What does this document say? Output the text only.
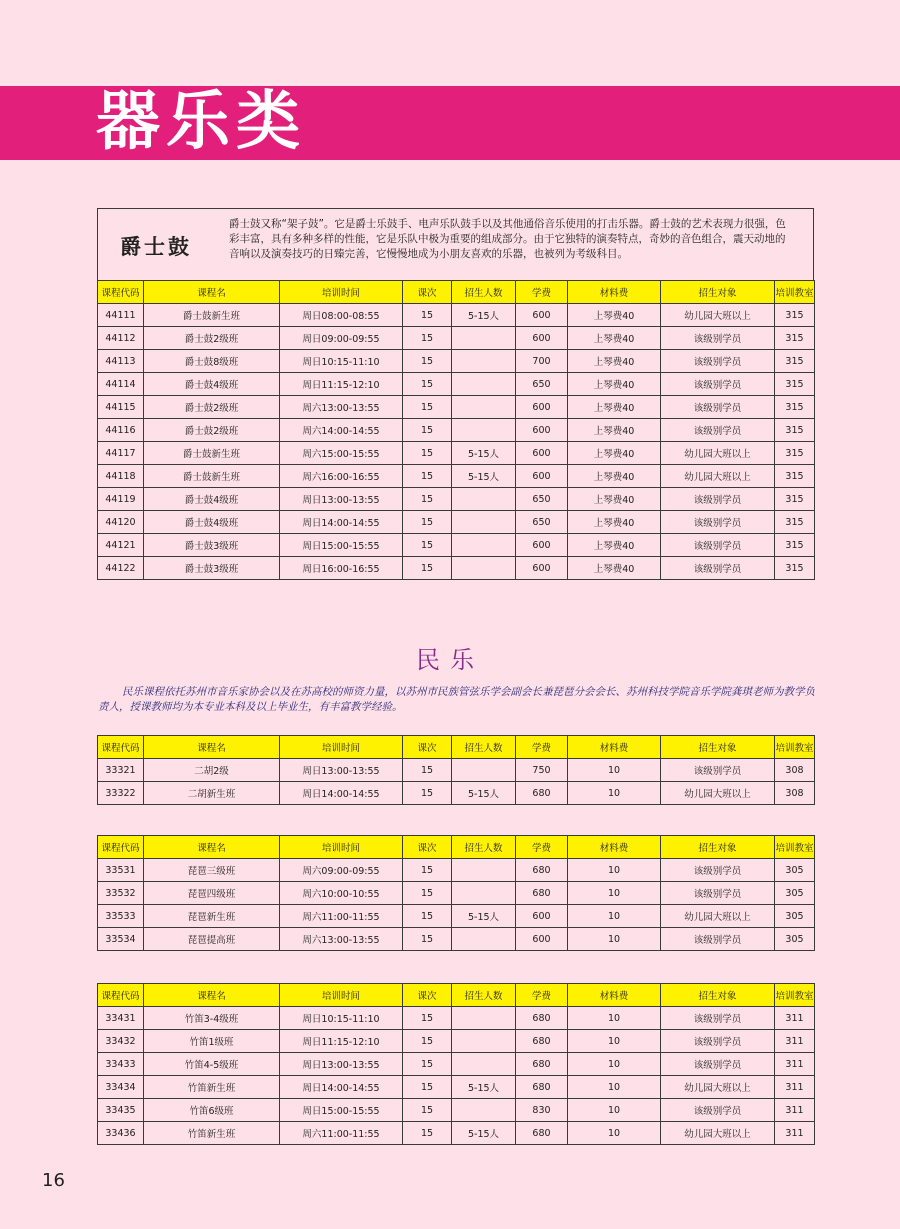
器乐类
爵士鼓
爵士鼓又称“架子鼓”。它是爵士乐鼓手、电声乐队鼓手以及其他通俗音乐使用的打击乐器。爵士鼓的艺术表现力很强，色彩丰富，具有多种多样的性能，它是乐队中极为重要的组成部分。由于它独特的演奏特点，奇妙的音色组合，震天动地的音响以及演奏技巧的日臻完善，它慢慢地成为小朋友喜欢的乐器，也被列为考级科目。
课程代码	课程名	培训时间	课次	招生人数	学费	材料费	招生对象	培训教室
44111	爵士鼓新生班	周日08:00-08:55	15	5-15人	600	上琴费40	幼儿园大班以上	315
44112	爵士鼓2级班	周日09:00-09:55	15		600	上琴费40	该级别学员	315
44113	爵士鼓8级班	周日10:15-11:10	15		700	上琴费40	该级别学员	315
44114	爵士鼓4级班	周日11:15-12:10	15		650	上琴费40	该级别学员	315
44115	爵士鼓2级班	周六13:00-13:55	15		600	上琴费40	该级别学员	315
44116	爵士鼓2级班	周六14:00-14:55	15		600	上琴费40	该级别学员	315
44117	爵士鼓新生班	周六15:00-15:55	15	5-15人	600	上琴费40	幼儿园大班以上	315
44118	爵士鼓新生班	周六16:00-16:55	15	5-15人	600	上琴费40	幼儿园大班以上	315
44119	爵士鼓4级班	周日13:00-13:55	15		650	上琴费40	该级别学员	315
44120	爵士鼓4级班	周日14:00-14:55	15		650	上琴费40	该级别学员	315
44121	爵士鼓3级班	周日15:00-15:55	15		600	上琴费40	该级别学员	315
44122	爵士鼓3级班	周日16:00-16:55	15		600	上琴费40	该级别学员	315
民乐
民乐课程依托苏州市音乐家协会以及在苏高校的师资力量，以苏州市民族管弦乐学会副会长兼琵琶分会会长、苏州科技学院音乐学院龚琪老师为教学负责人，授课教师均为本专业本科及以上毕业生，有丰富教学经验。
课程代码	课程名	培训时间	课次	招生人数	学费	材料费	招生对象	培训教室
33321	二胡2级	周日13:00-13:55	15		750	10	该级别学员	308
33322	二胡新生班	周日14:00-14:55	15	5-15人	680	10	幼儿园大班以上	308
课程代码	课程名	培训时间	课次	招生人数	学费	材料费	招生对象	培训教室
33531	琵琶三级班	周六09:00-09:55	15		680	10	该级别学员	305
33532	琵琶四级班	周六10:00-10:55	15		680	10	该级别学员	305
33533	琵琶新生班	周六11:00-11:55	15	5-15人	600	10	幼儿园大班以上	305
33534	琵琶提高班	周六13:00-13:55	15		600	10	该级别学员	305
课程代码	课程名	培训时间	课次	招生人数	学费	材料费	招生对象	培训教室
33431	竹笛3-4级班	周日10:15-11:10	15		680	10	该级别学员	311
33432	竹笛1级班	周日11:15-12:10	15		680	10	该级别学员	311
33433	竹笛4-5级班	周日13:00-13:55	15		680	10	该级别学员	311
33434	竹笛新生班	周日14:00-14:55	15	5-15人	680	10	幼儿园大班以上	311
33435	竹笛6级班	周日15:00-15:55	15		830	10	该级别学员	311
33436	竹笛新生班	周六11:00-11:55	15	5-15人	680	10	幼儿园大班以上	311
16
